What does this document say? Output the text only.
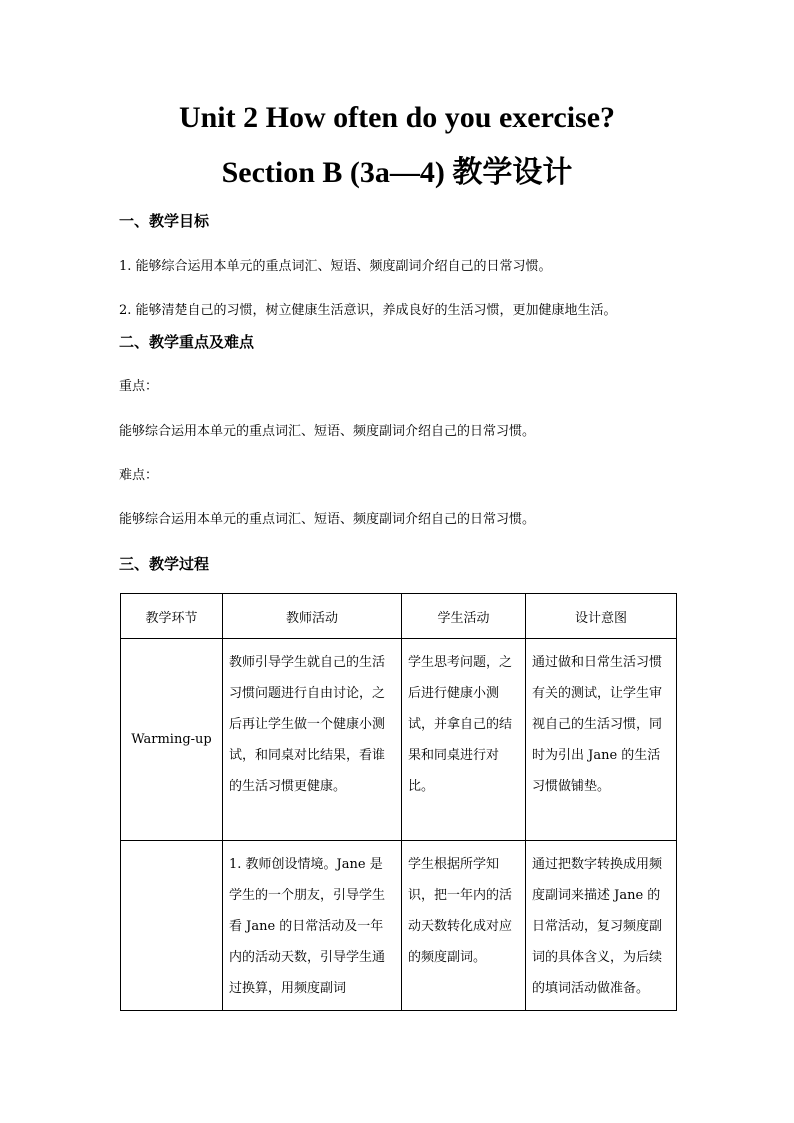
Unit 2 How often do you exercise?
Section B (3a—4) 教学设计
一、教学目标
1. 能够综合运用本单元的重点词汇、短语、频度副词介绍自己的日常习惯。
2. 能够清楚自己的习惯，树立健康生活意识，养成良好的生活习惯，更加健康地生活。
二、教学重点及难点
重点：
能够综合运用本单元的重点词汇、短语、频度副词介绍自己的日常习惯。
难点：
能够综合运用本单元的重点词汇、短语、频度副词介绍自己的日常习惯。
三、教学过程
教学环节	教师活动	学生活动	设计意图
Warming-up	教师引导学生就自己的生活习惯问题进行自由讨论，之后再让学生做一个健康小测试，和同桌对比结果，看谁的生活习惯更健康。	学生思考问题，之后进行健康小测试，并拿自己的结果和同桌进行对比。	通过做和日常生活习惯有关的测试，让学生审视自己的生活习惯，同时为引出 Jane 的生活习惯做铺垫。

	1. 教师创设情境。Jane 是学生的一个朋友，引导学生看 Jane 的日常活动及一年内的活动天数，引导学生通过换算，用频度副词	学生根据所学知识，把一年内的活动天数转化成对应的频度副词。	通过把数字转换成用频度副词来描述 Jane 的日常活动，复习频度副词的具体含义，为后续的填词活动做准备。
